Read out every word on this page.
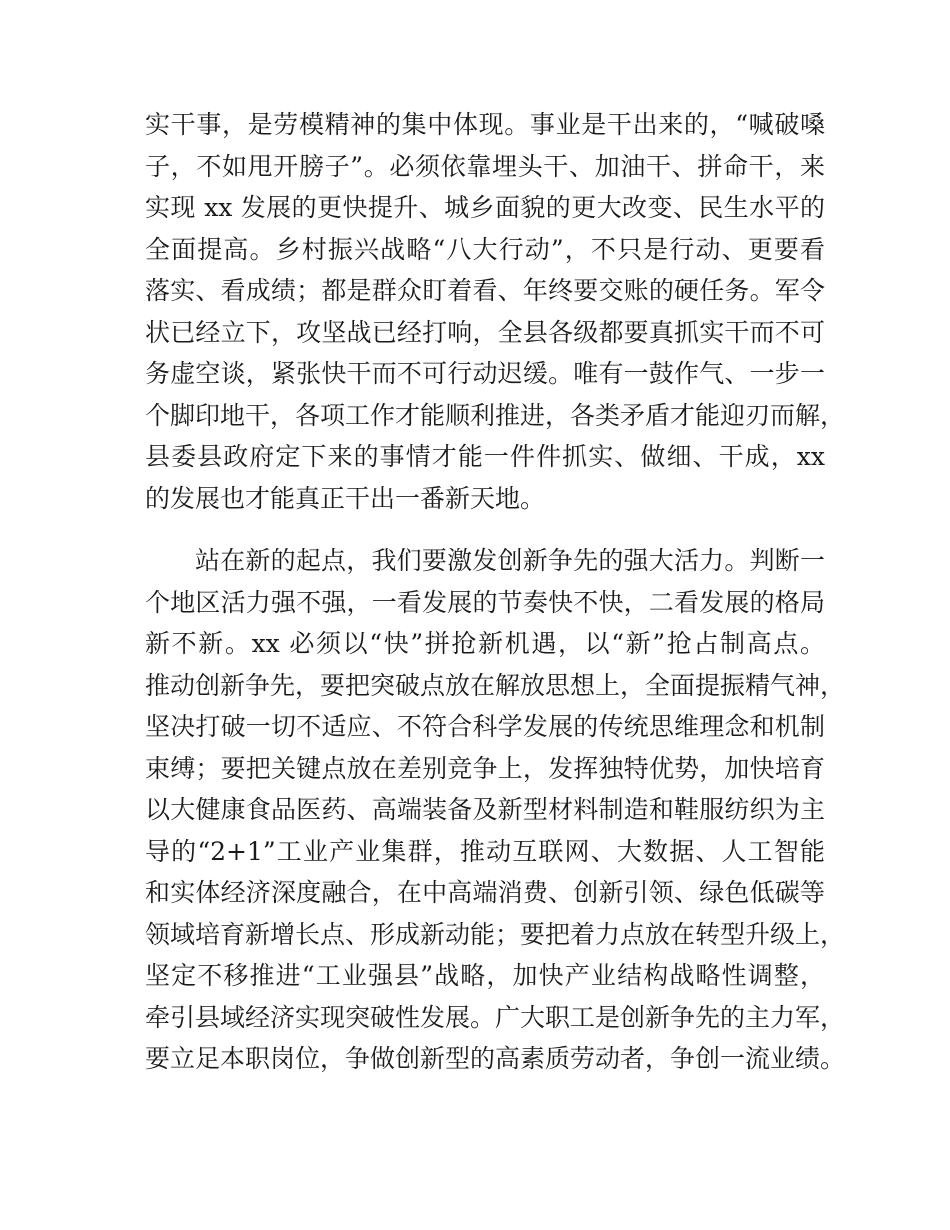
实干事，是劳模精神的集中体现。事业是干出来的，“喊破嗓
子，不如甩开膀子”。必须依靠埋头干、加油干、拼命干，来
实现 xx 发展的更快提升、城乡面貌的更大改变、民生水平的
全面提高。乡村振兴战略“八大行动”，不只是行动、更要看
落实、看成绩；都是群众盯着看、年终要交账的硬任务。军令
状已经立下，攻坚战已经打响，全县各级都要真抓实干而不可
务虚空谈，紧张快干而不可行动迟缓。唯有一鼓作气、一步一
个脚印地干，各项工作才能顺利推进，各类矛盾才能迎刃而解，
县委县政府定下来的事情才能一件件抓实、做细、干成，xx
的发展也才能真正干出一番新天地。
站在新的起点，我们要激发创新争先的强大活力。判断一
个地区活力强不强，一看发展的节奏快不快，二看发展的格局
新不新。xx 必须以“快”拼抢新机遇，以“新”抢占制高点。
推动创新争先，要把突破点放在解放思想上，全面提振精气神，
坚决打破一切不适应、不符合科学发展的传统思维理念和机制
束缚；要把关键点放在差别竞争上，发挥独特优势，加快培育
以大健康食品医药、高端装备及新型材料制造和鞋服纺织为主
导的“2+1”工业产业集群，推动互联网、大数据、人工智能
和实体经济深度融合，在中高端消费、创新引领、绿色低碳等
领域培育新增长点、形成新动能；要把着力点放在转型升级上，
坚定不移推进“工业强县”战略，加快产业结构战略性调整，
牵引县域经济实现突破性发展。广大职工是创新争先的主力军，
要立足本职岗位，争做创新型的高素质劳动者，争创一流业绩。
